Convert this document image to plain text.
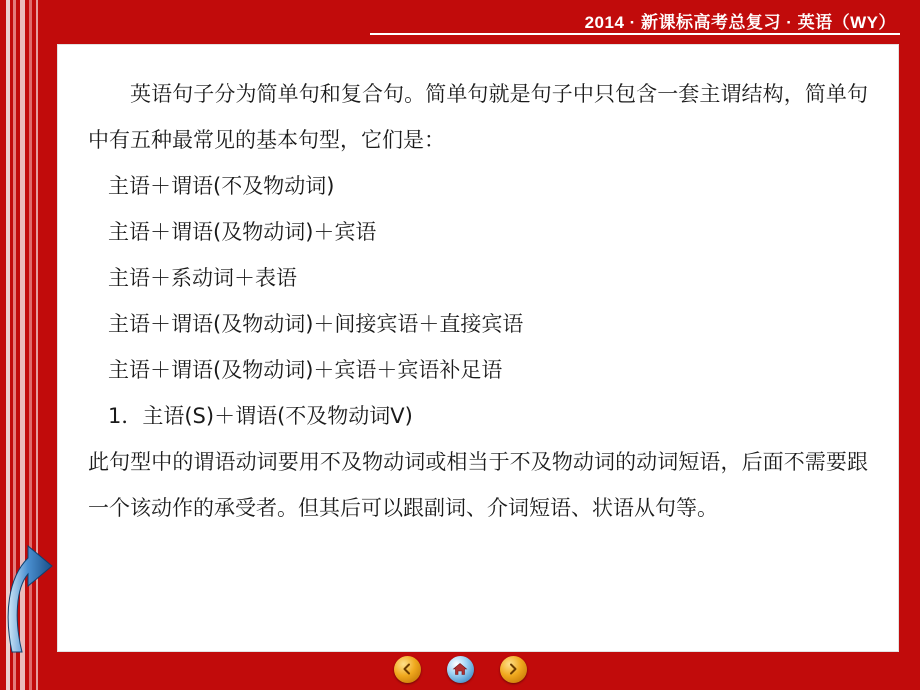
2014 · 新课标高考总复习 · 英语（WY）
英语句子分为简单句和复合句。简单句就是句子中只包含一套主谓结构，简单句中有五种最常见的基本句型，它们是：
主语＋谓语(不及物动词)
主语＋谓语(及物动词)＋宾语
主语＋系动词＋表语
主语＋谓语(及物动词)＋间接宾语＋直接宾语
主语＋谓语(及物动词)＋宾语＋宾语补足语
1．主语(S)＋谓语(不及物动词V)
此句型中的谓语动词要用不及物动词或相当于不及物动词的动词短语，后面不需要跟一个该动作的承受者。但其后可以跟副词、介词短语、状语从句等。
